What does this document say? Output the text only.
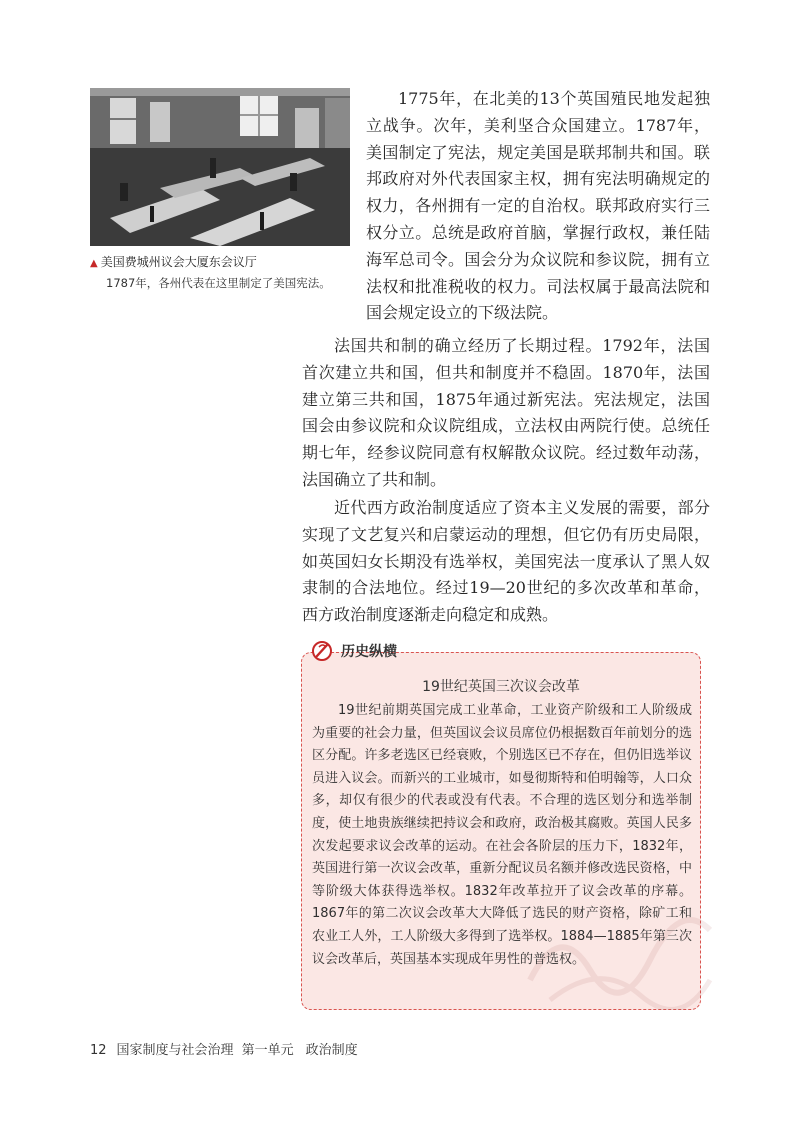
▲ 美国费城州议会大厦东会议厅
1787年，各州代表在这里制定了美国宪法。

1775年，在北美的13个英国殖民地发起独立战争。次年，美利坚合众国建立。1787年，美国制定了宪法，规定美国是联邦制共和国。联邦政府对外代表国家主权，拥有宪法明确规定的权力，各州拥有一定的自治权。联邦政府实行三权分立。总统是政府首脑，掌握行政权，兼任陆海军总司令。国会分为众议院和参议院，拥有立法权和批准税收的权力。司法权属于最高法院和国会规定设立的下级法院。

法国共和制的确立经历了长期过程。1792年，法国首次建立共和国，但共和制度并不稳固。1870年，法国建立第三共和国，1875年通过新宪法。宪法规定，法国国会由参议院和众议院组成，立法权由两院行使。总统任期七年，经参议院同意有权解散众议院。经过数年动荡，法国确立了共和制。

近代西方政治制度适应了资本主义发展的需要，部分实现了文艺复兴和启蒙运动的理想，但它仍有历史局限，如英国妇女长期没有选举权，美国宪法一度承认了黑人奴隶制的合法地位。经过19—20世纪的多次改革和革命，西方政治制度逐渐走向稳定和成熟。

历史纵横
19世纪英国三次议会改革

19世纪前期英国完成工业革命，工业资产阶级和工人阶级成为重要的社会力量，但英国议会议员席位仍根据数百年前划分的选区分配。许多老选区已经衰败，个别选区已不存在，但仍旧选举议员进入议会。而新兴的工业城市，如曼彻斯特和伯明翰等，人口众多，却仅有很少的代表或没有代表。不合理的选区划分和选举制度，使土地贵族继续把持议会和政府，政治极其腐败。英国人民多次发起要求议会改革的运动。在社会各阶层的压力下，1832年，英国进行第一次议会改革，重新分配议员名额并修改选民资格，中等阶级大体获得选举权。1832年改革拉开了议会改革的序幕。1867年的第二次议会改革大大降低了选民的财产资格，除矿工和农业工人外，工人阶级大多得到了选举权。1884—1885年第三次议会改革后，英国基本实现成年男性的普选权。

12 国家制度与社会治理 第一单元 政治制度
